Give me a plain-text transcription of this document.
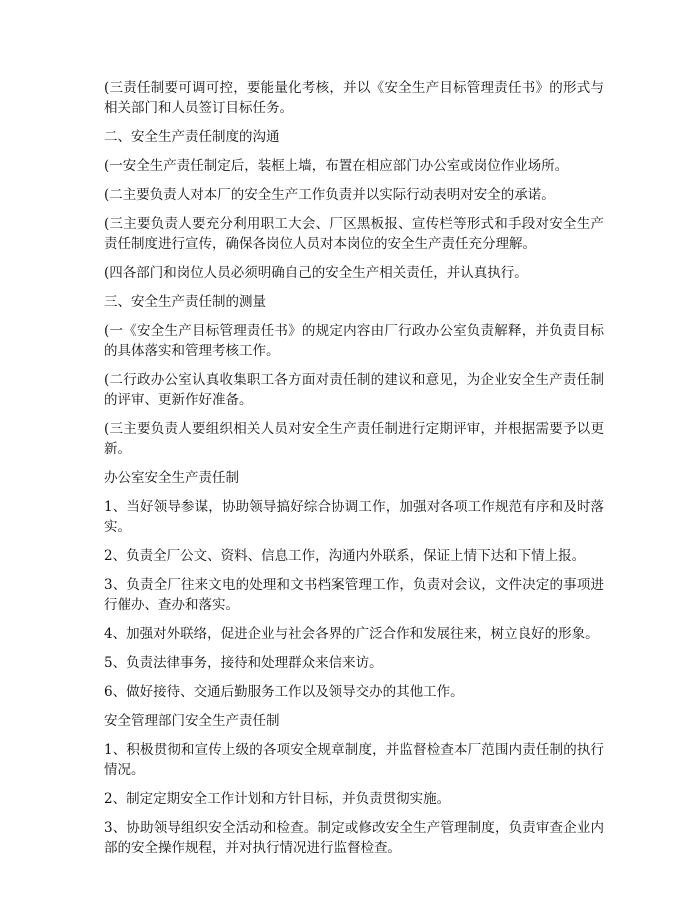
(三责任制要可调可控，要能量化考核，并以《安全生产目标管理责任书》的形式与相关部门和人员签订目标任务。

二、安全生产责任制度的沟通

(一安全生产责任制定后，装框上墙，布置在相应部门办公室或岗位作业场所。

(二主要负责人对本厂的安全生产工作负责并以实际行动表明对安全的承诺。

(三主要负责人要充分利用职工大会、厂区黑板报、宣传栏等形式和手段对安全生产责任制度进行宣传，确保各岗位人员对本岗位的安全生产责任充分理解。

(四各部门和岗位人员必须明确自己的安全生产相关责任，并认真执行。

三、安全生产责任制的测量

(一《安全生产目标管理责任书》的规定内容由厂行政办公室负责解释，并负责目标的具体落实和管理考核工作。

(二行政办公室认真收集职工各方面对责任制的建议和意见，为企业安全生产责任制的评审、更新作好准备。

(三主要负责人要组织相关人员对安全生产责任制进行定期评审，并根据需要予以更新。

办公室安全生产责任制

1、当好领导参谋，协助领导搞好综合协调工作，加强对各项工作规范有序和及时落实。

2、负责全厂公文、资料、信息工作，沟通内外联系，保证上情下达和下情上报。

3、负责全厂往来文电的处理和文书档案管理工作，负责对会议，文件决定的事项进行催办、查办和落实。

4、加强对外联络，促进企业与社会各界的广泛合作和发展往来，树立良好的形象。

5、负责法律事务，接待和处理群众来信来访。

6、做好接待、交通后勤服务工作以及领导交办的其他工作。

安全管理部门安全生产责任制

1、积极贯彻和宣传上级的各项安全规章制度，并监督检查本厂范围内责任制的执行情况。

2、制定定期安全工作计划和方针目标，并负责贯彻实施。

3、协助领导组织安全活动和检查。制定或修改安全生产管理制度，负责审查企业内部的安全操作规程，并对执行情况进行监督检查。
